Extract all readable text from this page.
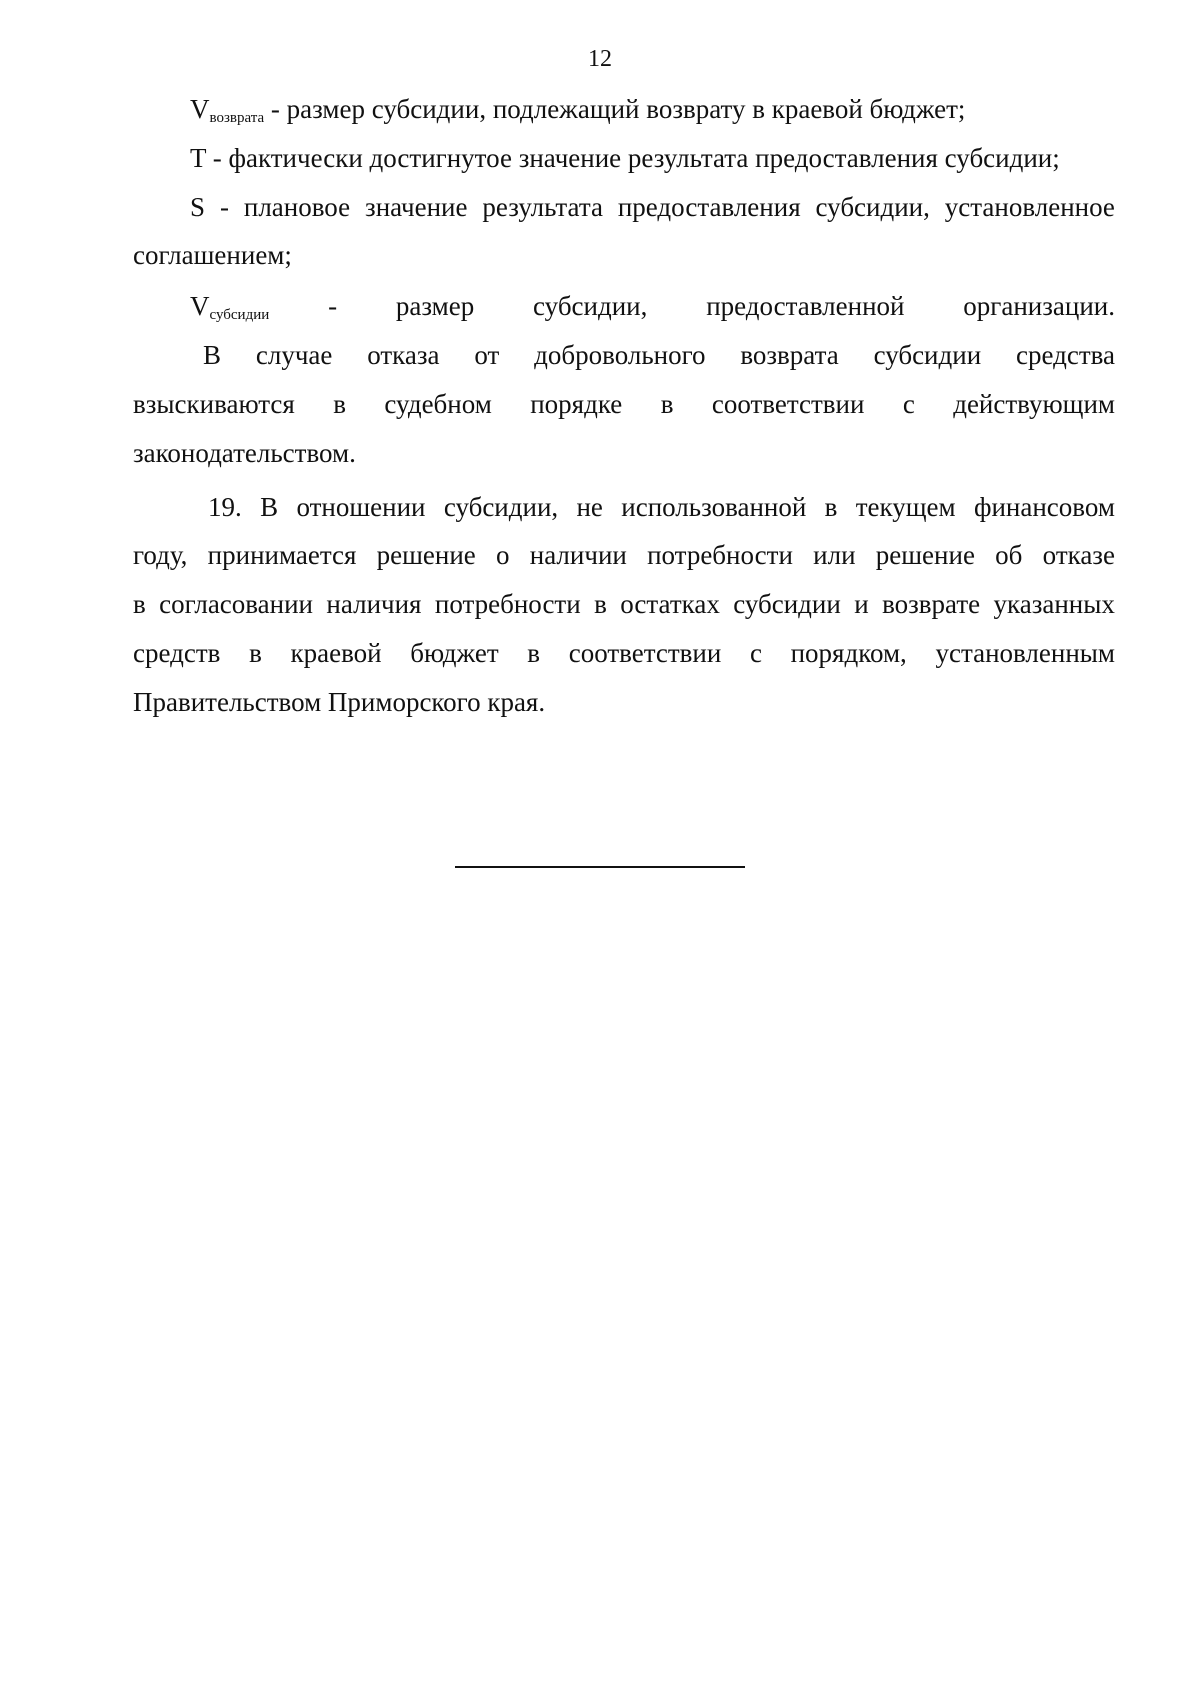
12
$V_{возврата}$ - размер субсидии, подлежащий возврату в краевой бюджет;
T - фактически достигнутое значение результата предоставления субсидии;
S - плановое значение результата предоставления субсидии, установленное
соглашением;
$V_{субсидии}$ - размер субсидии, предоставленной организации.
В случае отказа от добровольного возврата субсидии средства
взыскиваются в судебном порядке в соответствии с действующим
законодательством.
19. В отношении субсидии, не использованной в текущем финансовом
году, принимается решение о наличии потребности или решение об отказе
в согласовании наличия потребности в остатках субсидии и возврате указанных
средств в краевой бюджет в соответствии с порядком, установленным
Правительством Приморского края.
